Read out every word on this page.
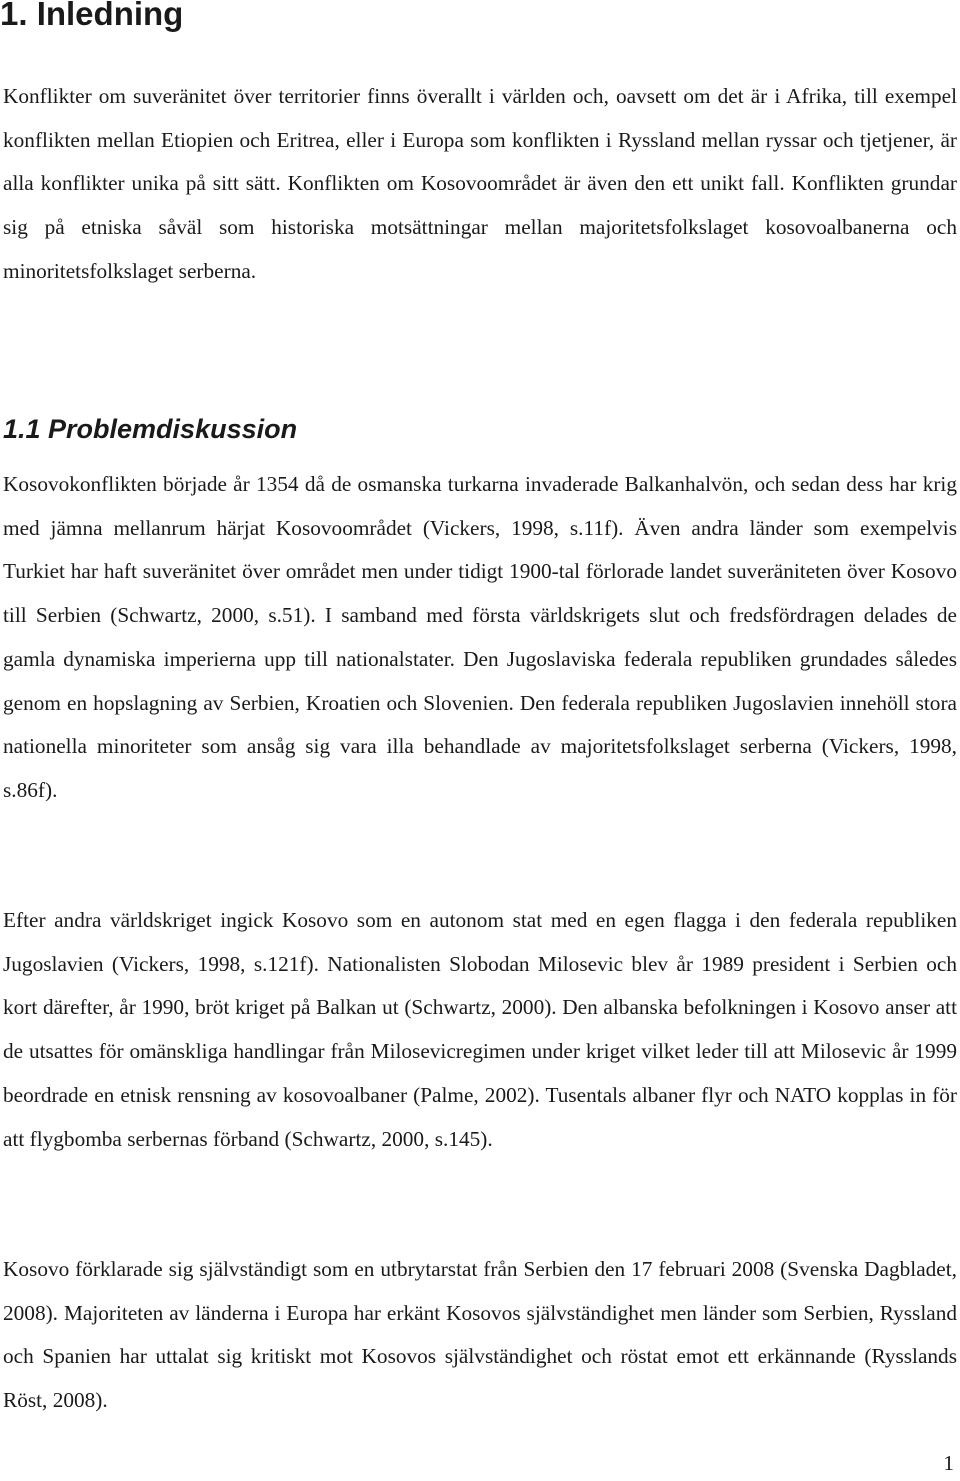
1. Inledning

Konflikter om suveränitet över territorier finns överallt i världen och, oavsett om det är i Afrika, till exempel konflikten mellan Etiopien och Eritrea, eller i Europa som konflikten i Ryssland mellan ryssar och tjetjener, är alla konflikter unika på sitt sätt. Konflikten om Kosovoområdet är även den ett unikt fall. Konflikten grundar sig på etniska såväl som historiska motsättningar mellan majoritetsfolkslaget kosovoalbanerna och minoritetsfolkslaget serberna.

1.1 Problemdiskussion

Kosovokonflikten började år 1354 då de osmanska turkarna invaderade Balkanhalvön, och sedan dess har krig med jämna mellanrum härjat Kosovoområdet (Vickers, 1998, s.11f). Även andra länder som exempelvis Turkiet har haft suveränitet över området men under tidigt 1900-tal förlorade landet suveräniteten över Kosovo till Serbien (Schwartz, 2000, s.51). I samband med första världskrigets slut och fredsfördragen delades de gamla dynamiska imperierna upp till nationalstater. Den Jugoslaviska federala republiken grundades således genom en hopslagning av Serbien, Kroatien och Slovenien. Den federala republiken Jugoslavien innehöll stora nationella minoriteter som ansåg sig vara illa behandlade av majoritetsfolkslaget serberna (Vickers, 1998, s.86f).

Efter andra världskriget ingick Kosovo som en autonom stat med en egen flagga i den federala republiken Jugoslavien (Vickers, 1998, s.121f). Nationalisten Slobodan Milosevic blev år 1989 president i Serbien och kort därefter, år 1990, bröt kriget på Balkan ut (Schwartz, 2000). Den albanska befolkningen i Kosovo anser att de utsattes för omänskliga handlingar från Milosevicregimen under kriget vilket leder till att Milosevic år 1999 beordrade en etnisk rensning av kosovoalbaner (Palme, 2002). Tusentals albaner flyr och NATO kopplas in för att flygbomba serbernas förband (Schwartz, 2000, s.145).

Kosovo förklarade sig självständigt som en utbrytarstat från Serbien den 17 februari 2008 (Svenska Dagbladet, 2008). Majoriteten av länderna i Europa har erkänt Kosovos självständighet men länder som Serbien, Ryssland och Spanien har uttalat sig kritiskt mot Kosovos självständighet och röstat emot ett erkännande (Rysslands Röst, 2008).

1
